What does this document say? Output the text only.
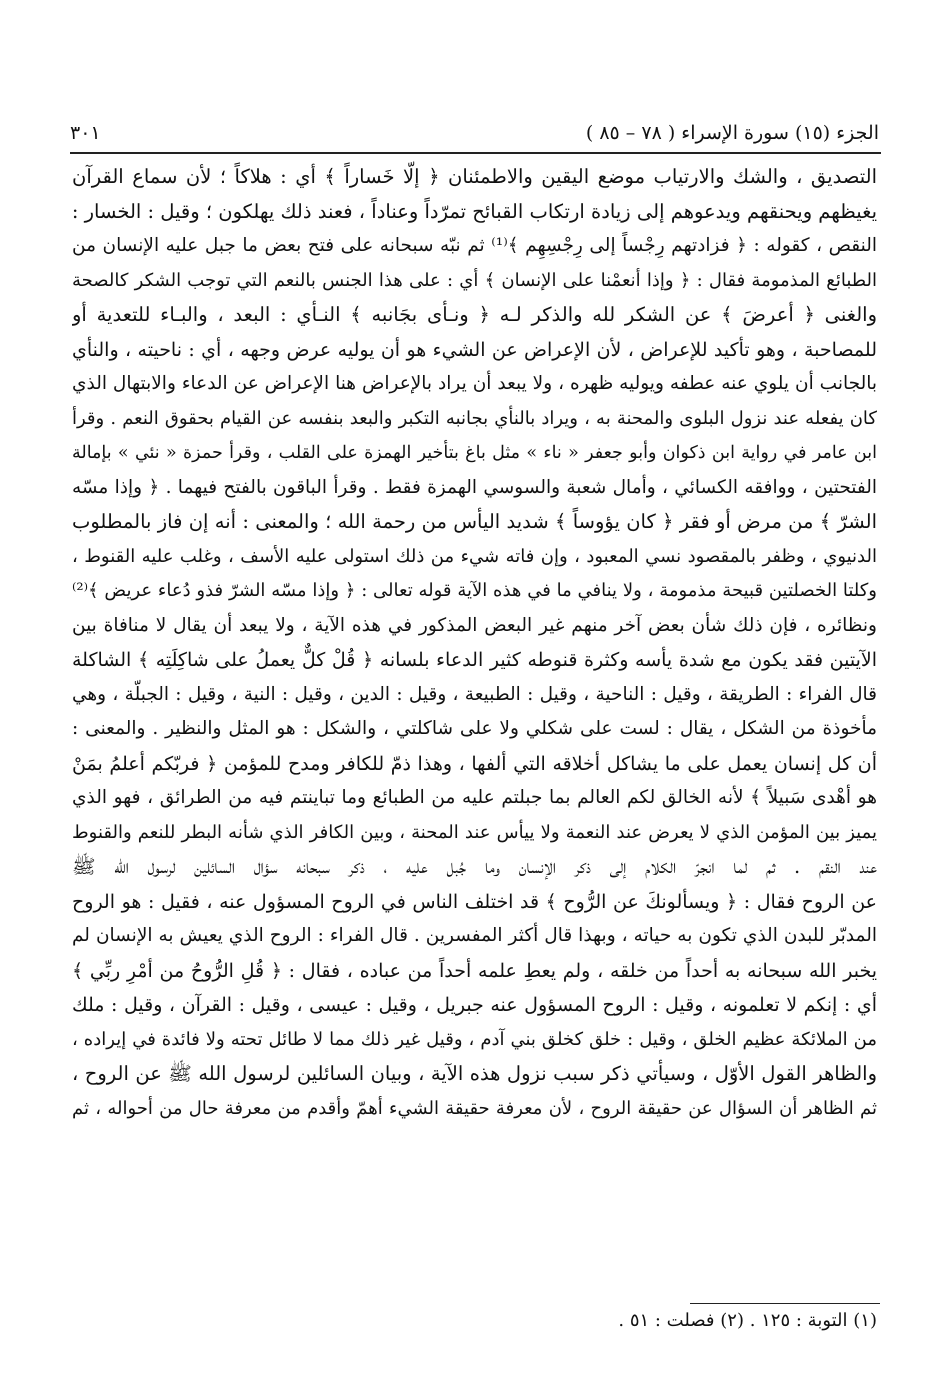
الجزء (١٥) سورة الإسراء ( ٧٨ – ٨٥ )
٣٠١
التصديق ، والشك والارتياب موضع اليقين والاطمئنان ﴿ إلّا خَساراً ﴾ أي : هلاكاً ؛ لأن سماع القرآن
يغيظهم ويحنقهم ويدعوهم إلى زيادة ارتكاب القبائح تمرّداً وعناداً ، فعند ذلك يهلكون ؛ وقيل : الخسار :
النقص ، كقوله : ﴿ فزادتهم رِجْساً إلى رِجْسِهِم ﴾⁽¹⁾ ثم نبّه سبحانه على فتح بعض ما جبل عليه الإنسان من
الطبائع المذمومة فقال : ﴿ وإذا أنعمْنا على الإنسان ﴾ أي : على هذا الجنس بالنعم التي توجب الشكر كالصحة
والغنى ﴿ أعرضَ ﴾ عن الشكر لله والذكر لـه ﴿ ونـأى بجَانبه ﴾ النـأي : البعد ، والبـاء للتعدية أو
للمصاحبة ، وهو تأكيد للإعراض ، لأن الإعراض عن الشيء هو أن يوليه عرض وجهه ، أي : ناحيته ، والنأي
بالجانب أن يلوي عنه عطفه ويوليه ظهره ، ولا يبعد أن يراد بالإعراض هنا الإعراض عن الدعاء والابتهال الذي
كان يفعله عند نزول البلوى والمحنة به ، ويراد بالنأي بجانبه التكبر والبعد بنفسه عن القيام بحقوق النعم . وقرأ
ابن عامر في رواية ابن ذكوان وأبو جعفر « ناء » مثل باغ بتأخير الهمزة على القلب ، وقرأ حمزة « نئي » بإمالة
الفتحتين ، ووافقه الكسائي ، وأمال شعبة والسوسي الهمزة فقط . وقرأ الباقون بالفتح فيهما . ﴿ وإذا مسّه
الشرّ ﴾ من مرض أو فقر ﴿ كان يؤوساً ﴾ شديد اليأس من رحمة الله ؛ والمعنى : أنه إن فاز بالمطلوب
الدنيوي ، وظفر بالمقصود نسي المعبود ، وإن فاته شيء من ذلك استولى عليه الأسف ، وغلب عليه القنوط ،
وكلتا الخصلتين قبيحة مذمومة ، ولا ينافي ما في هذه الآية قوله تعالى : ﴿ وإذا مسّه الشرّ فذو دُعاء عريض ﴾⁽²⁾
ونظائره ، فإن ذلك شأن بعض آخر منهم غير البعض المذكور في هذه الآية ، ولا يبعد أن يقال لا منافاة بين
الآيتين فقد يكون مع شدة يأسه وكثرة قنوطه كثير الدعاء بلسانه ﴿ قُلْ كلٌّ يعملُ على شاكِلَتِه ﴾ الشاكلة
قال الفراء : الطريقة ، وقيل : الناحية ، وقيل : الطبيعة ، وقيل : الدين ، وقيل : النية ، وقيل : الجبلّة ، وهي
مأخوذة من الشكل ، يقال : لست على شكلي ولا على شاكلتي ، والشكل : هو المثل والنظير . والمعنى :
أن كل إنسان يعمل على ما يشاكل أخلاقه التي ألفها ، وهذا ذمّ للكافر ومدح للمؤمن ﴿ فربّكم أعلمُ بمَنْ
هو أهْدى سَبيلاً ﴾ لأنه الخالق لكم العالم بما جبلتم عليه من الطبائع وما تباينتم فيه من الطرائق ، فهو الذي
يميز بين المؤمن الذي لا يعرض عند النعمة ولا ييأس عند المحنة ، وبين الكافر الذي شأنه البطر للنعم والقنوط
عند النقم . ثم لما انجرّ الكلام إلى ذكر الإنسان وما جُبل عليه ، ذكر سبحانه سؤال السائلين لرسول الله ﷺ
عن الروح فقال : ﴿ ويسألونكَ عن الرُّوح ﴾ قد اختلف الناس في الروح المسؤول عنه ، فقيل : هو الروح
المدبّر للبدن الذي تكون به حياته ، وبهذا قال أكثر المفسرين . قال الفراء : الروح الذي يعيش به الإنسان لم
يخبر الله سبحانه به أحداً من خلقه ، ولم يعطِ علمه أحداً من عباده ، فقال : ﴿ قُلِ الرُّوحُ من أمْرِ ربِّي ﴾
أي : إنكم لا تعلمونه ، وقيل : الروح المسؤول عنه جبريل ، وقيل : عيسى ، وقيل : القرآن ، وقيل : ملك
من الملائكة عظيم الخلق ، وقيل : خلق كخلق بني آدم ، وقيل غير ذلك مما لا طائل تحته ولا فائدة في إيراده ،
والظاهر القول الأوّل ، وسيأتي ذكر سبب نزول هذه الآية ، وبيان السائلين لرسول الله ﷺ عن الروح ،
ثم الظاهر أن السؤال عن حقيقة الروح ، لأن معرفة حقيقة الشيء أهمّ وأقدم من معرفة حال من أحواله ، ثم
(١) التوبة : ١٢٥ . (٢) فصلت : ٥١ .
